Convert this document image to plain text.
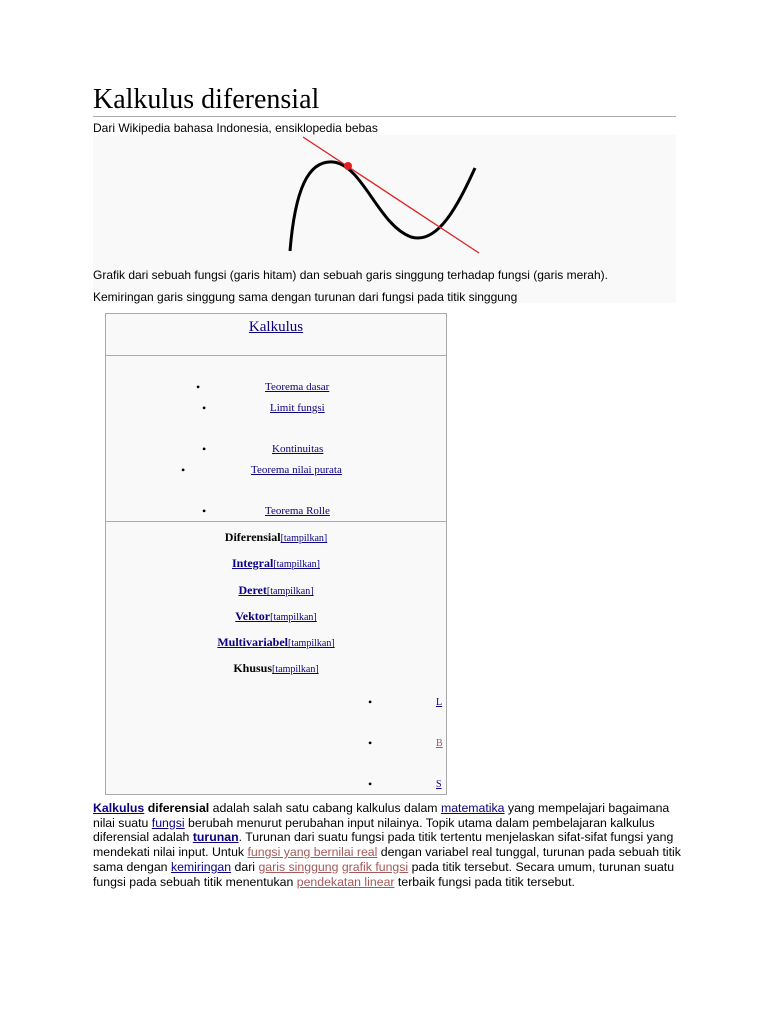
Kalkulus diferensial
Dari Wikipedia bahasa Indonesia, ensiklopedia bebas
Grafik dari sebuah fungsi (garis hitam) dan sebuah garis singgung terhadap fungsi (garis merah).
Kemiringan garis singgung sama dengan turunan dari fungsi pada titik singgung
Kalkulus
•	Teorema dasar
•	Limit fungsi
•	Kontinuitas
•	Teorema nilai purata
•	Teorema Rolle
Diferensial[tampilkan]
Integral[tampilkan]
Deret[tampilkan]
Vektor[tampilkan]
Multivariabel[tampilkan]
Khusus[tampilkan]
•	L
•	B
•	S

Kalkulus diferensial adalah salah satu cabang kalkulus dalam matematika yang mempelajari bagaimana nilai suatu fungsi berubah menurut perubahan input nilainya. Topik utama dalam pembelajaran kalkulus diferensial adalah turunan. Turunan dari suatu fungsi pada titik tertentu menjelaskan sifat-sifat fungsi yang mendekati nilai input. Untuk fungsi yang bernilai real dengan variabel real tunggal, turunan pada sebuah titik sama dengan kemiringan dari garis singgung grafik fungsi pada titik tersebut. Secara umum, turunan suatu fungsi pada sebuah titik menentukan pendekatan linear terbaik fungsi pada titik tersebut.
